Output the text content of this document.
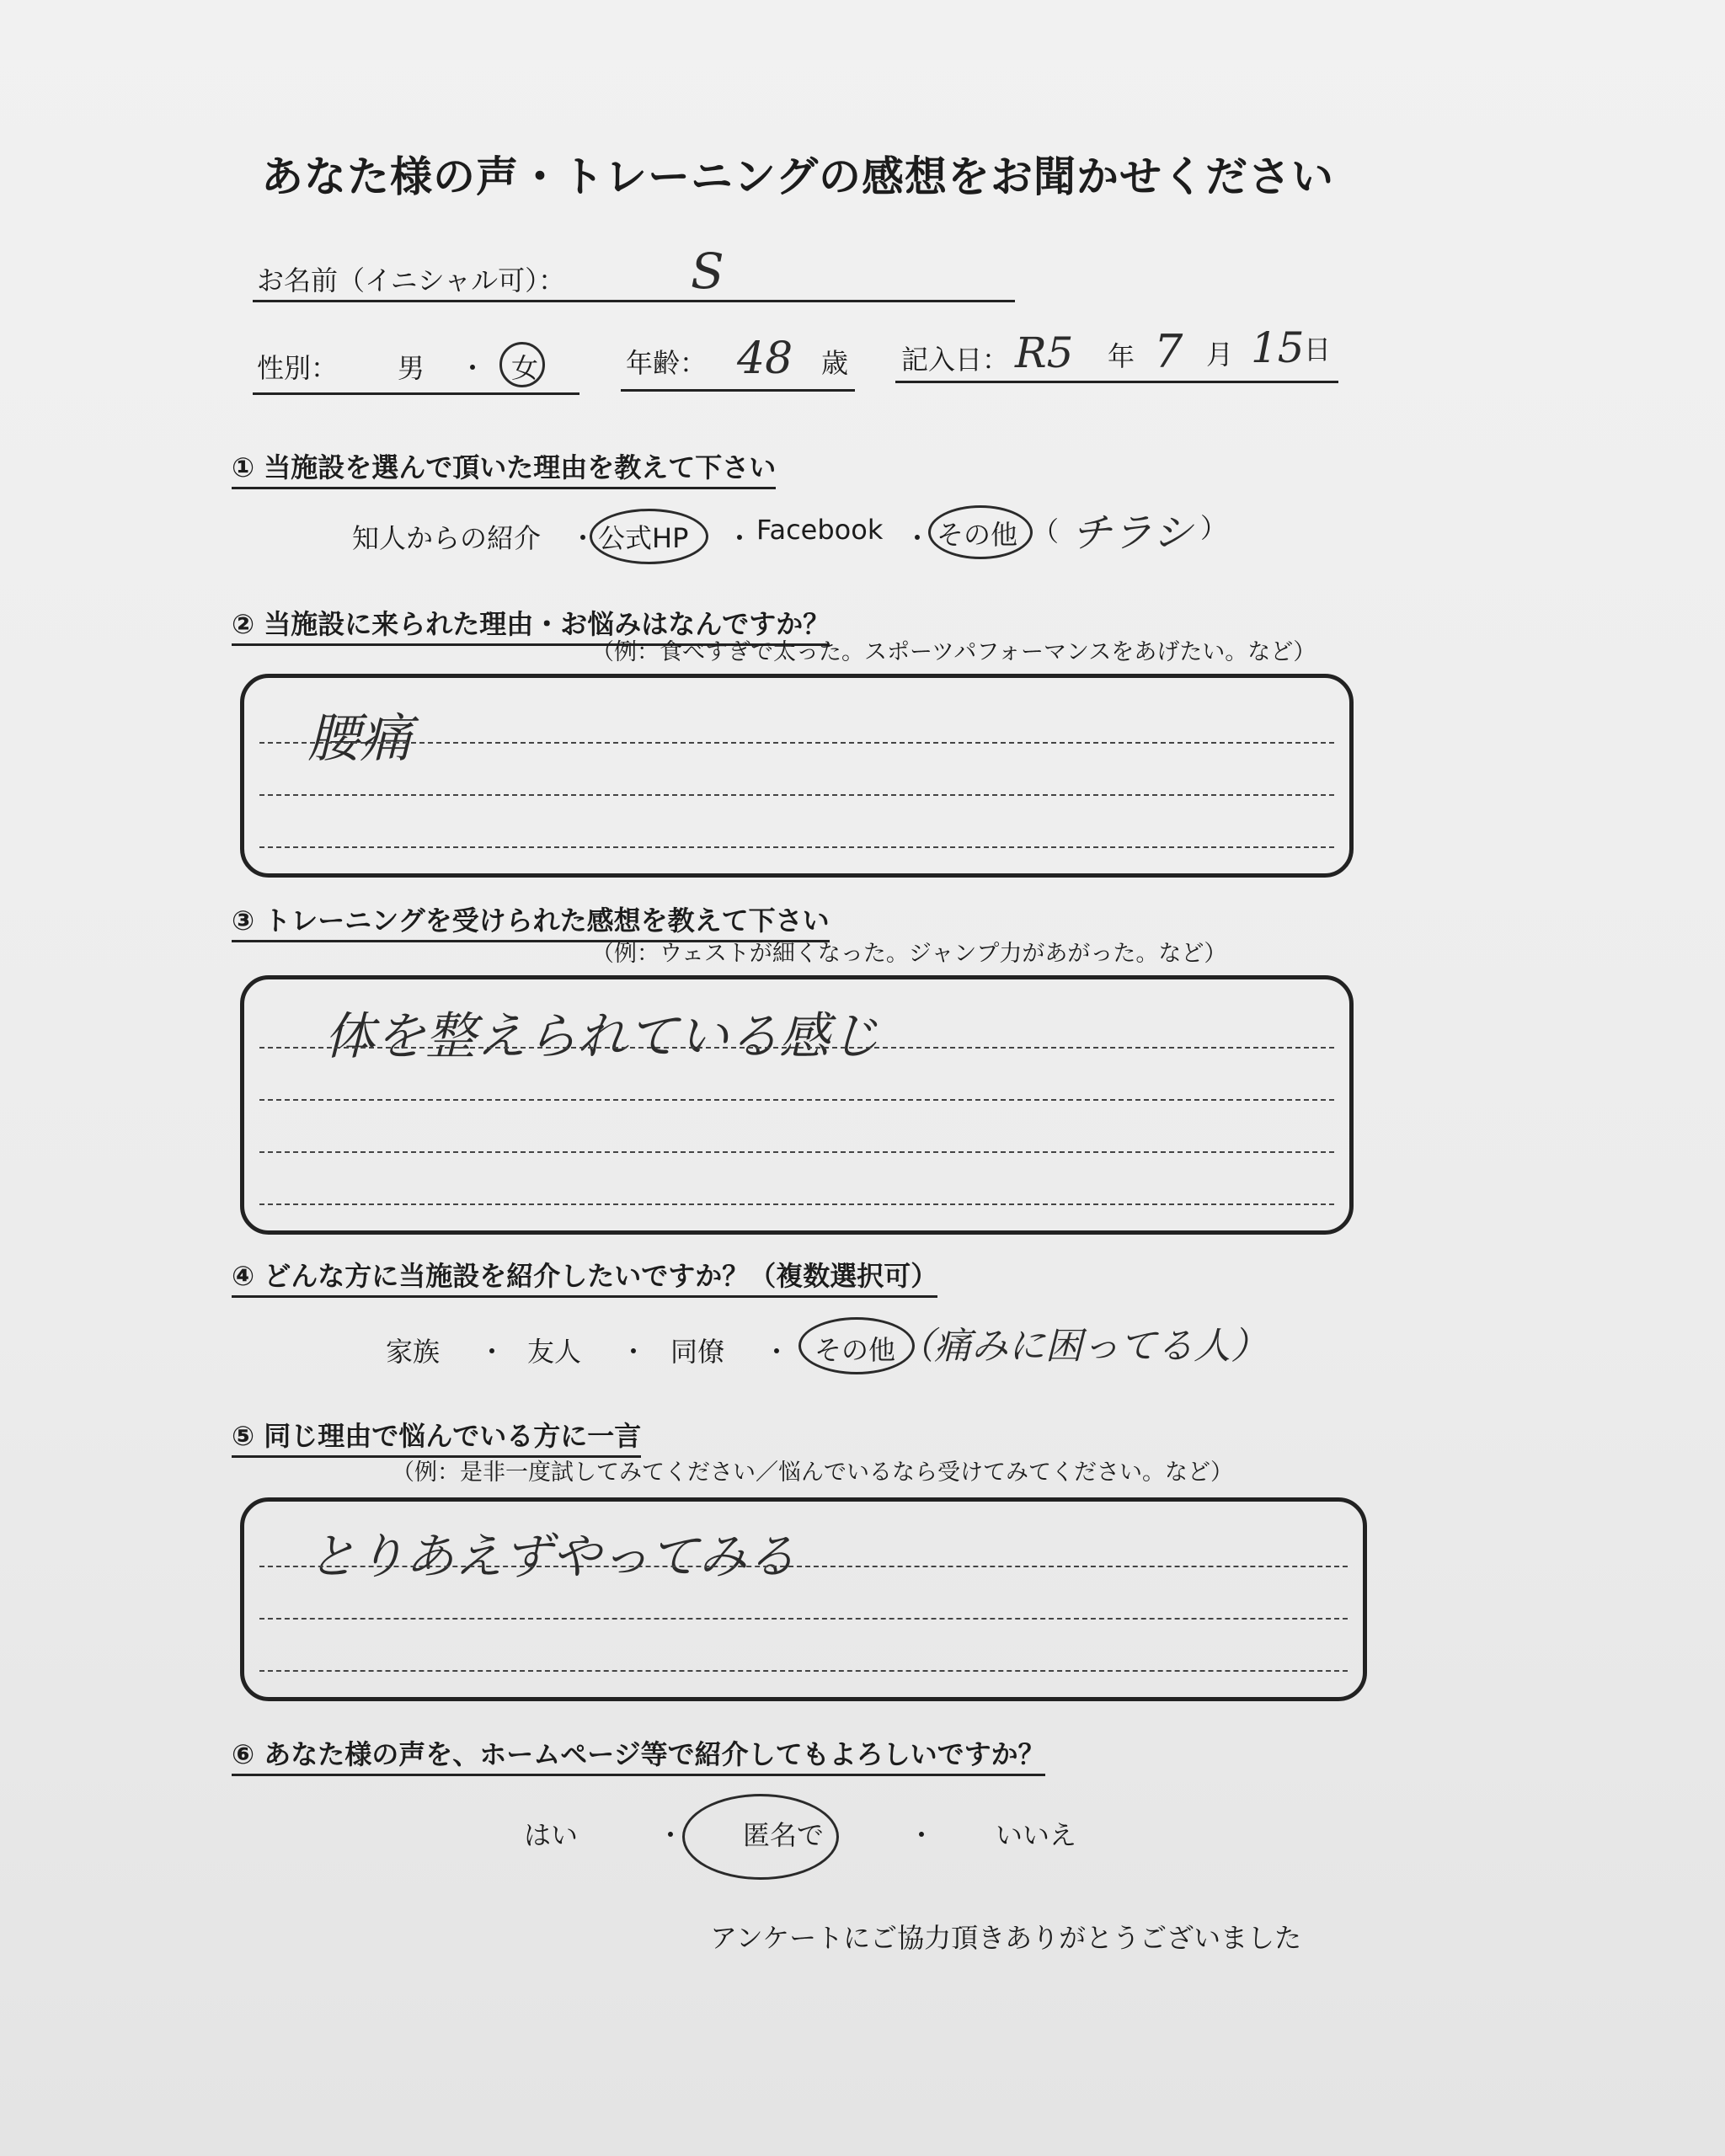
あなた様の声・トレーニングの感想をお聞かせください
お名前（イニシャル可）：	S
性別： 男 ・ 女	年齢： 48 歳 記入日： R5 年 7 月 15 日
① 当施設を選んで頂いた理由を教えて下さい
知人からの紹介 ・ 公式HP ・ Facebook ・ その他 （ チラシ ）
② 当施設に来られた理由・お悩みはなんですか？
（例：食べすぎで太った。スポーツパフォーマンスをあげたい。など）
腰痛
③ トレーニングを受けられた感想を教えて下さい
（例：ウェストが細くなった。ジャンプ力があがった。など）
体を整えられている感じ
④ どんな方に当施設を紹介したいですか？（複数選択可）
家族 ・ 友人 ・ 同僚 ・ その他 （痛みに困ってる人）
⑤ 同じ理由で悩んでいる方に一言
（例：是非一度試してみてください／悩んでいるなら受けてみてください。など）
とりあえずやってみる
⑥ あなた様の声を、ホームページ等で紹介してもよろしいですか？
はい	・ 匿名で	・ いいえ
アンケートにご協力頂きありがとうございました
